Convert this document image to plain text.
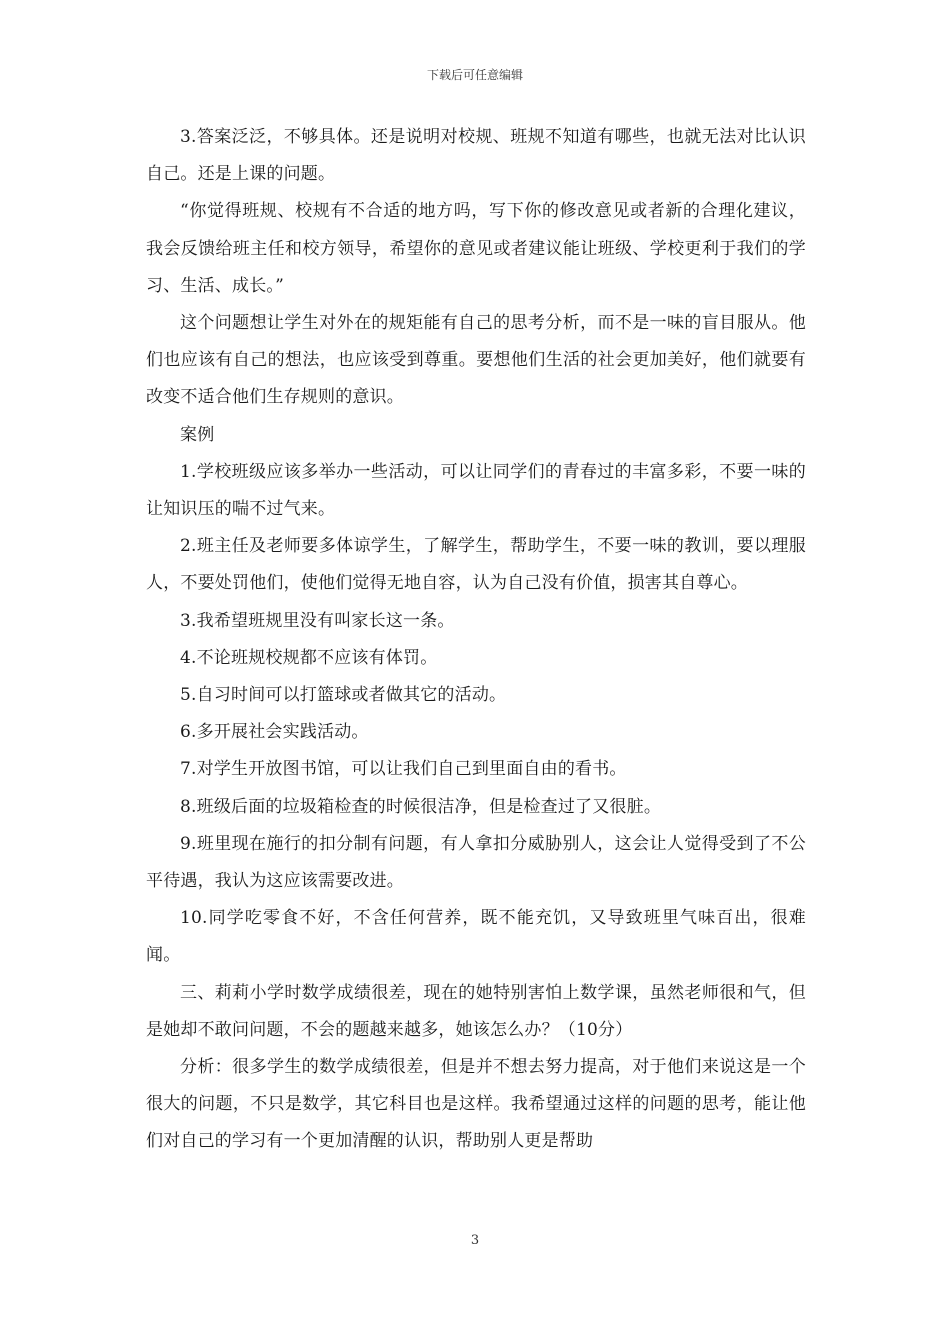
下载后可任意编辑

3.答案泛泛，不够具体。还是说明对校规、班规不知道有哪些，也就无法对比认识自己。还是上课的问题。

“你觉得班规、校规有不合适的地方吗，写下你的修改意见或者新的合理化建议，我会反馈给班主任和校方领导，希望你的意见或者建议能让班级、学校更利于我们的学习、生活、成长。”

这个问题想让学生对外在的规矩能有自己的思考分析，而不是一味的盲目服从。他们也应该有自己的想法，也应该受到尊重。要想他们生活的社会更加美好，他们就要有改变不适合他们生存规则的意识。

案例

1.学校班级应该多举办一些活动，可以让同学们的青春过的丰富多彩，不要一味的让知识压的喘不过气来。

2.班主任及老师要多体谅学生，了解学生，帮助学生，不要一味的教训，要以理服人，不要处罚他们，使他们觉得无地自容，认为自己没有价值，损害其自尊心。

3.我希望班规里没有叫家长这一条。

4.不论班规校规都不应该有体罚。

5.自习时间可以打篮球或者做其它的活动。

6.多开展社会实践活动。

7.对学生开放图书馆，可以让我们自己到里面自由的看书。

8.班级后面的垃圾箱检查的时候很洁净，但是检查过了又很脏。

9.班里现在施行的扣分制有问题，有人拿扣分威胁别人，这会让人觉得受到了不公平待遇，我认为这应该需要改进。

10.同学吃零食不好，不含任何营养，既不能充饥，又导致班里气味百出，很难闻。

三、莉莉小学时数学成绩很差，现在的她特别害怕上数学课，虽然老师很和气，但是她却不敢问问题，不会的题越来越多，她该怎么办？（10分）

分析：很多学生的数学成绩很差，但是并不想去努力提高，对于他们来说这是一个很大的问题，不只是数学，其它科目也是这样。我希望通过这样的问题的思考，能让他们对自己的学习有一个更加清醒的认识，帮助别人更是帮助

3
